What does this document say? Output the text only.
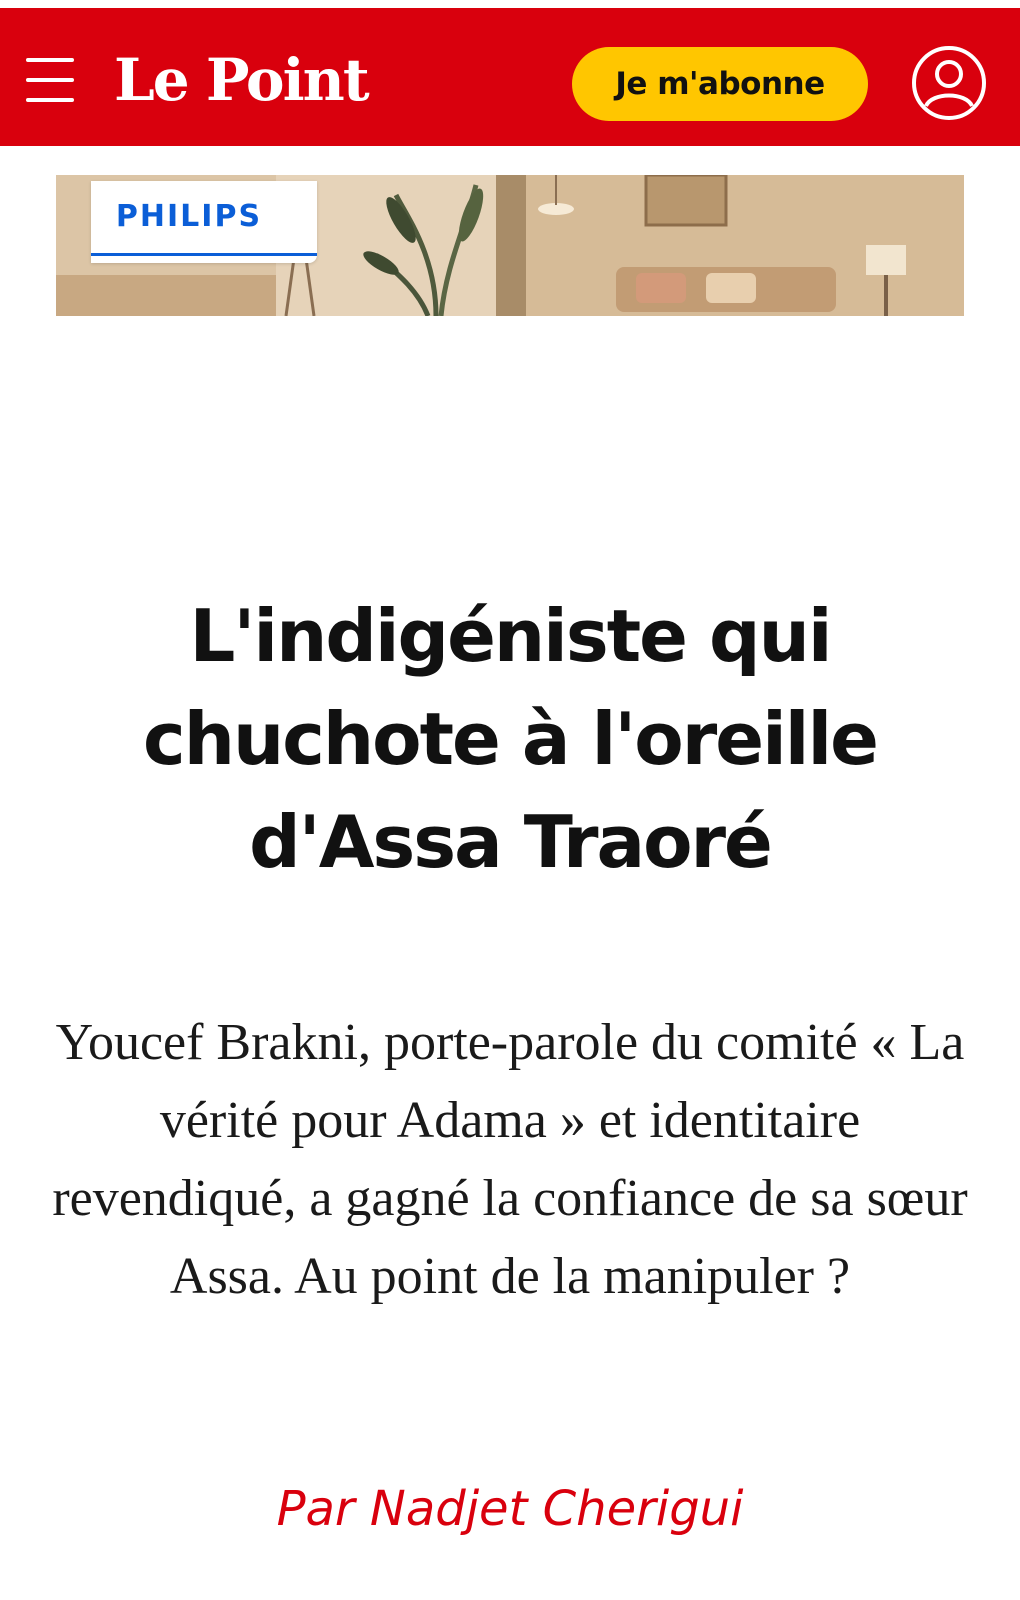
Le Point	Je m'abonne
PHILIPS
L'indigéniste qui chuchote à l'oreille d'Assa Traoré

Youcef Brakni, porte-parole du comité « La vérité pour Adama » et identitaire revendiqué, a gagné la confiance de sa sœur Assa. Au point de la manipuler ?

Par Nadjet Cherigui
